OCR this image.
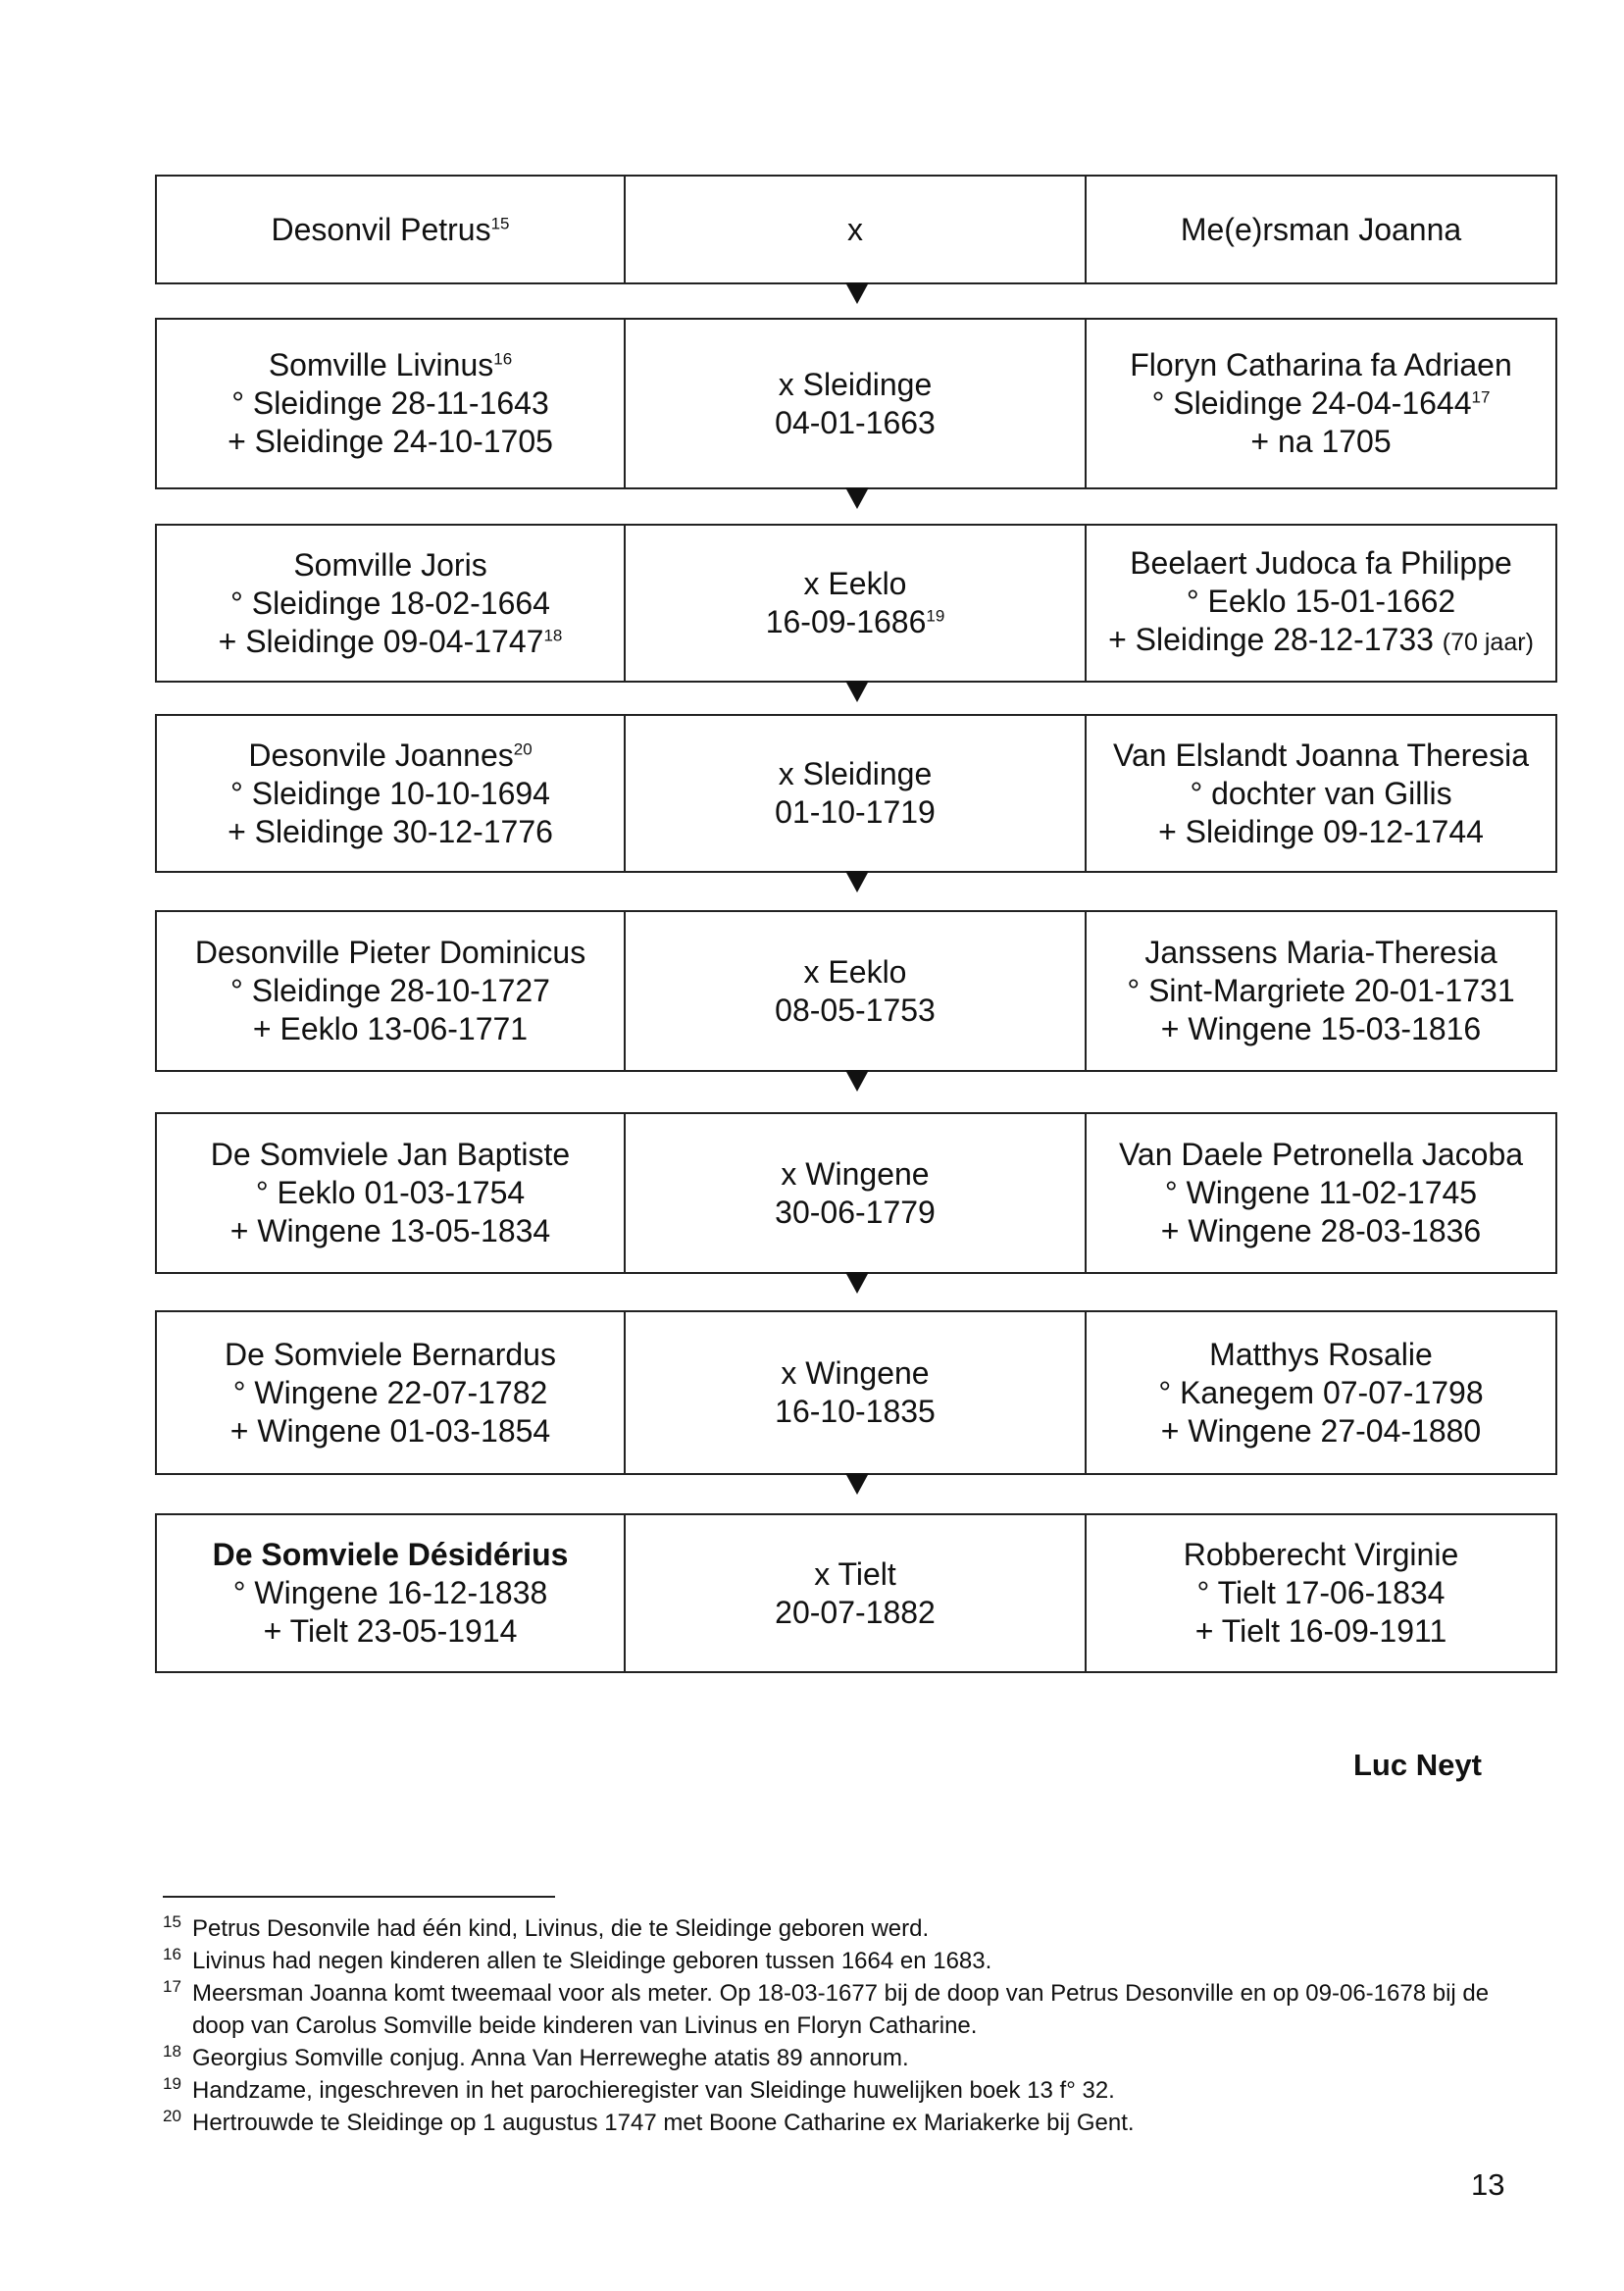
Desonvil Petrus$^{15}$	x	Me(e)rsman Joanna
Somville Livinus$^{16}$
° Sleidinge 28-11-1643
+ Sleidinge 24-10-1705
x Sleidinge
04-01-1663
Floryn Catharina fa Adriaen
° Sleidinge $24-04-1644^{17}$
+ na 1705
Somville Joris
° Sleidinge 18-02-1664
+ Sleidinge 09-04-1747$^{18}$
x Eeklo
16-09-1686$^{19}$
Beelaert Judoca fa Philippe
° Eeklo 15-01-1662
+ Sleidinge 28-12-1733 (70 jaar)
Desonvile Joannes$^{20}$
° Sleidinge 10-10-1694
+ Sleidinge 30-12-1776
x Sleidinge
01-10-1719
Van Elslandt Joanna Theresia
° dochter van Gillis
+ Sleidinge 09-12-1744
Desonville Pieter Dominicus
° Sleidinge 28-10-1727
+ Eeklo 13-06-1771
x Eeklo
08-05-1753
Janssens Maria-Theresia
° Sint-Margriete 20-01-1731
+ Wingene 15-03-1816
De Somviele Jan Baptiste
° Eeklo 01-03-1754
+ Wingene 13-05-1834
x Wingene
30-06-1779
Van Daele Petronella Jacoba
° Wingene 11-02-1745
+ Wingene 28-03-1836
De Somviele Bernardus
° Wingene 22-07-1782
+ Wingene 01-03-1854
x Wingene
16-10-1835
Matthys Rosalie
° Kanegem 07-07-1798
+ Wingene 27-04-1880
De Somviele Désidérius
° Wingene 16-12-1838
+ Tielt 23-05-1914
x Tielt
20-07-1882
Robberecht Virginie
° Tielt 17-06-1834
+ Tielt 16-09-1911
Luc Neyt
15 Petrus Desonvile had één kind, Livinus, die te Sleidinge geboren werd.
16 Livinus had negen kinderen allen te Sleidinge geboren tussen 1664 en 1683.
17 Meersman Joanna komt tweemaal voor als meter. Op 18-03-1677 bij de doop van Petrus Desonville en op 09-06-1678 bij de doop van Carolus Somville beide kinderen van Livinus en Floryn Catharine.
18 Georgius Somville conjug. Anna Van Herreweghe atatis 89 annorum.
19 Handzame, ingeschreven in het parochieregister van Sleidinge huwelijken boek 13 f° 32.
20 Hertrouwde te Sleidinge op 1 augustus 1747 met Boone Catharine ex Mariakerke bij Gent.
13
